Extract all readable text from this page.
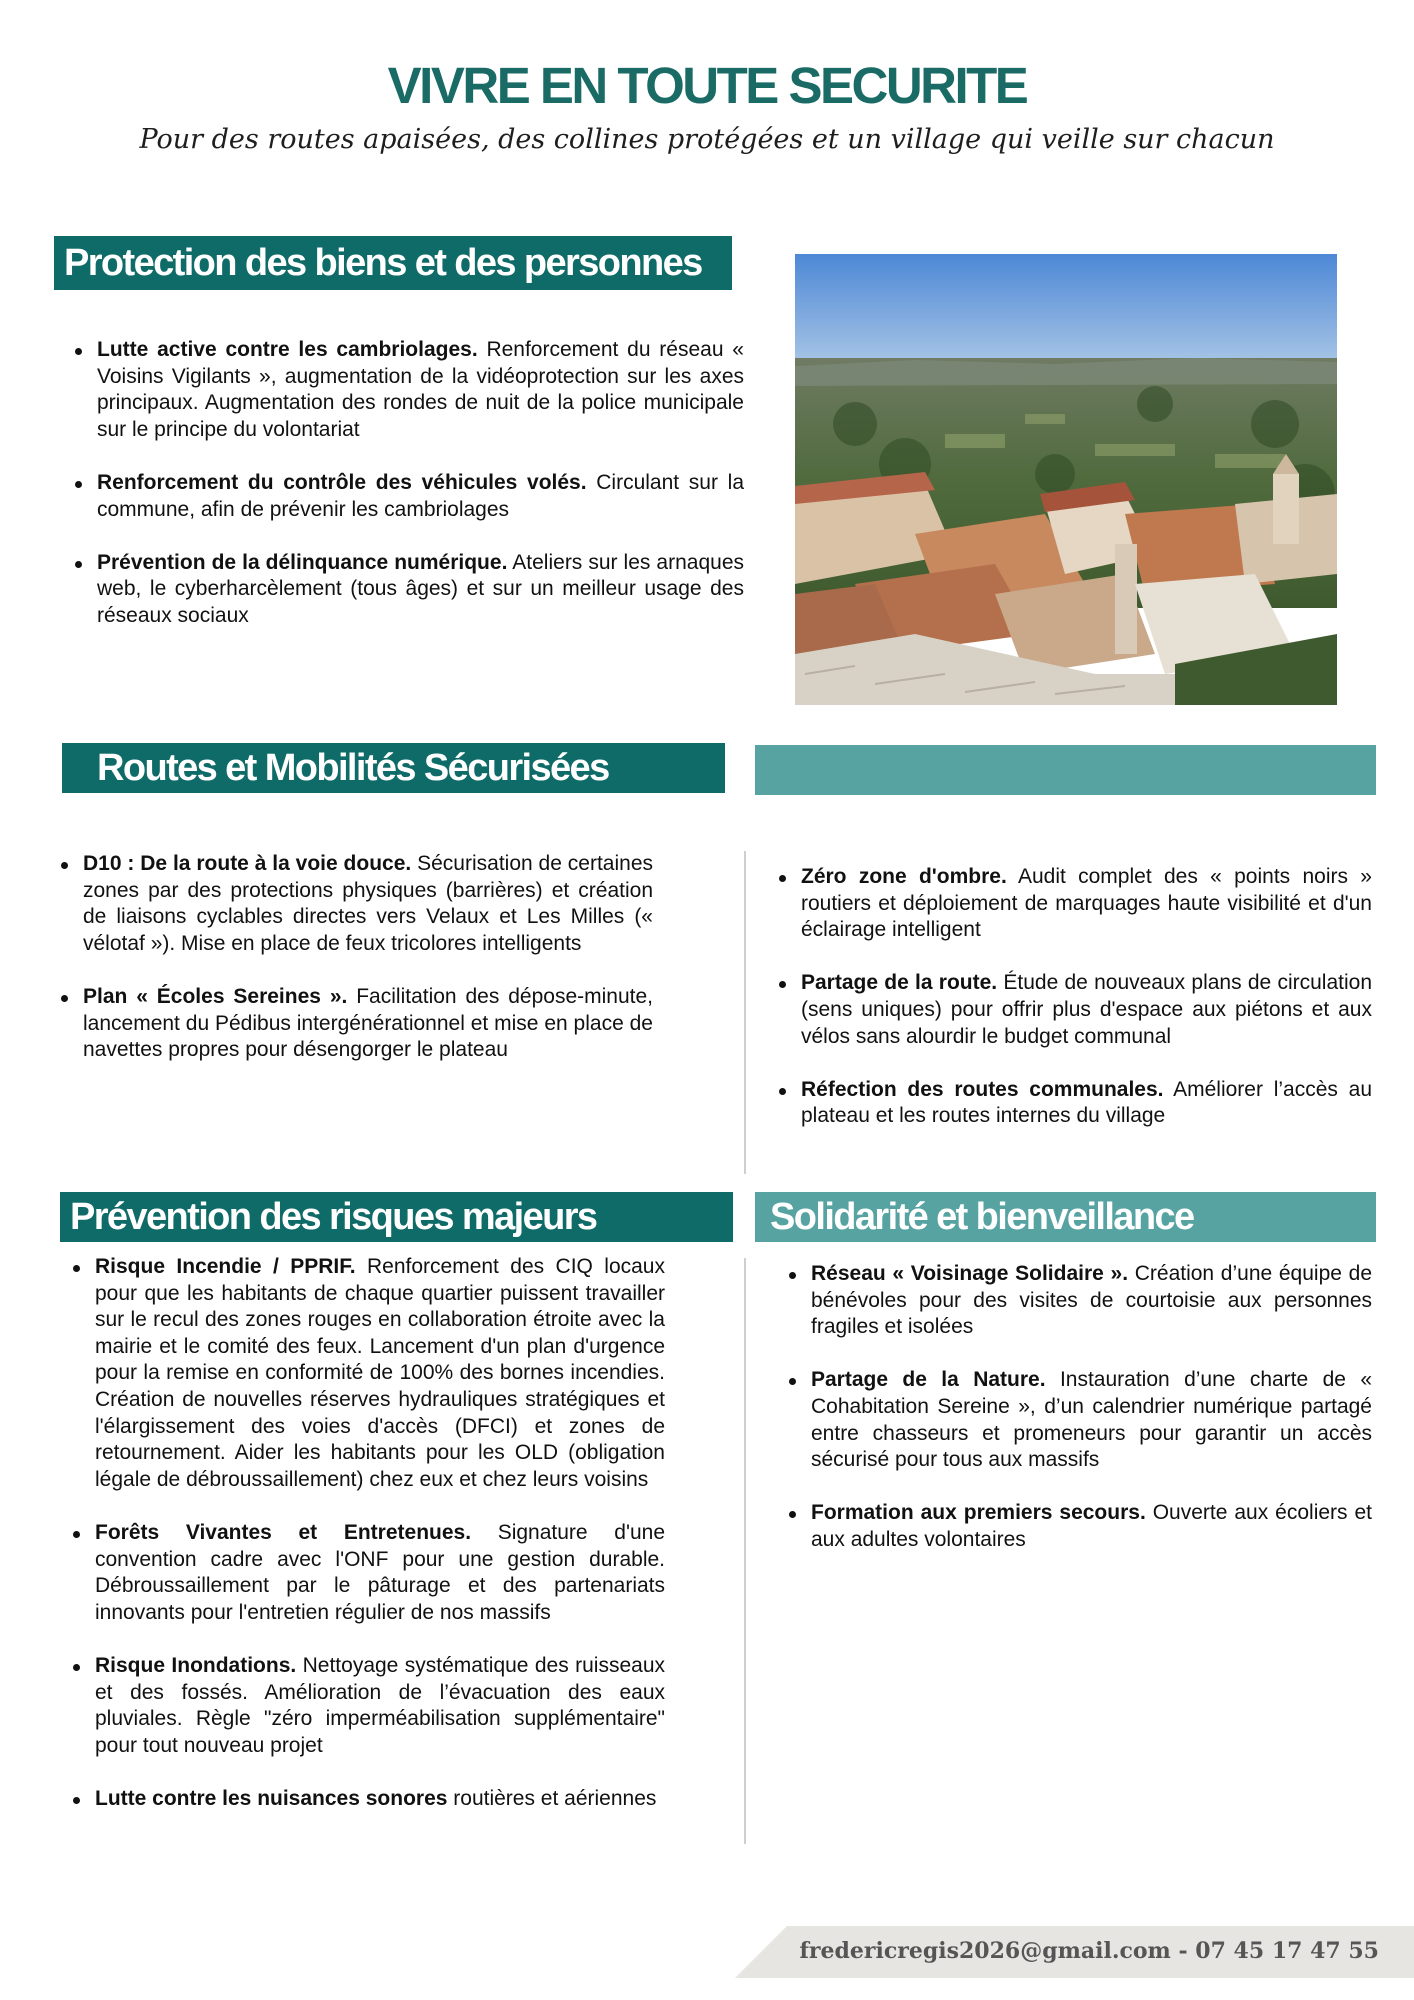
VIVRE EN TOUTE SECURITE
Pour des routes apaisées, des collines protégées et un village qui veille sur chacun
Protection des biens et des personnes
Lutte active contre les cambriolages. Renforcement du réseau « Voisins Vigilants », augmentation de la vidéoprotection sur les axes principaux. Augmentation des rondes de nuit de la police municipale sur le principe du volontariat
Renforcement du contrôle des véhicules volés. Circulant sur la commune, afin de prévenir les cambriolages
Prévention de la délinquance numérique. Ateliers sur les arnaques web, le cyberharcèlement (tous âges) et sur un meilleur usage des réseaux sociaux
Routes et Mobilités Sécurisées
D10 : De la route à la voie douce. Sécurisation de certaines zones par des protections physiques (barrières) et création de liaisons cyclables directes vers Velaux et Les Milles (« vélotaf »). Mise en place de feux tricolores intelligents
Plan « Écoles Sereines ». Facilitation des dépose-minute, lancement du Pédibus intergénérationnel et mise en place de navettes propres pour désengorger le plateau
Zéro zone d'ombre. Audit complet des « points noirs » routiers et déploiement de marquages haute visibilité et d'un éclairage intelligent
Partage de la route. Étude de nouveaux plans de circulation (sens uniques) pour offrir plus d'espace aux piétons et aux vélos sans alourdir le budget communal
Réfection des routes communales. Améliorer l’accès au plateau et les routes internes du village
Prévention des risques majeurs
Risque Incendie / PPRIF. Renforcement des CIQ locaux pour que les habitants de chaque quartier puissent travailler sur le recul des zones rouges en collaboration étroite avec la mairie et le comité des feux. Lancement d'un plan d'urgence pour la remise en conformité de 100% des bornes incendies. Création de nouvelles réserves hydrauliques stratégiques et l'élargissement des voies d'accès (DFCI) et zones de retournement. Aider les habitants pour les OLD (obligation légale de débroussaillement) chez eux et chez leurs voisins
Forêts Vivantes et Entretenues. Signature d'une convention cadre avec l'ONF pour une gestion durable. Débroussaillement par le pâturage et des partenariats innovants pour l'entretien régulier de nos massifs
Risque Inondations. Nettoyage systématique des ruisseaux et des fossés. Amélioration de l’évacuation des eaux pluviales. Règle "zéro imperméabilisation supplémentaire" pour tout nouveau projet
Lutte contre les nuisances sonores routières et aériennes
Solidarité et bienveillance
Réseau « Voisinage Solidaire ». Création d’une équipe de bénévoles pour des visites de courtoisie aux personnes fragiles et isolées
Partage de la Nature. Instauration d’une charte de « Cohabitation Sereine », d’un calendrier numérique partagé entre chasseurs et promeneurs pour garantir un accès sécurisé pour tous aux massifs
Formation aux premiers secours. Ouverte aux écoliers et aux adultes volontaires
fredericregis2026@gmail.com - 07 45 17 47 55
